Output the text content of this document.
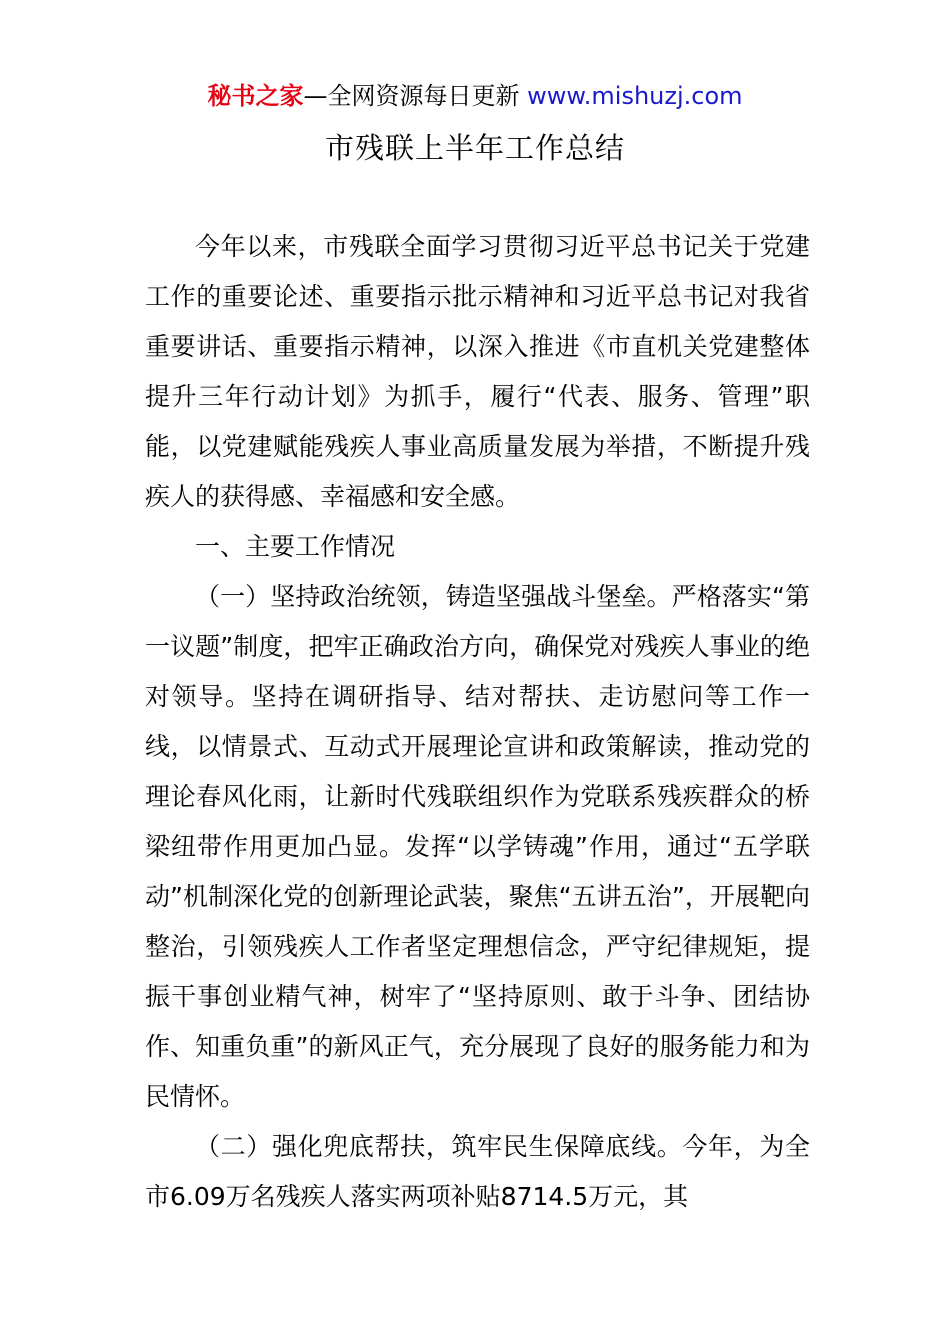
秘书之家—全网资源每日更新 www.mishuzj.com
市残联上半年工作总结

今年以来，市残联全面学习贯彻习近平总书记关于党建工作的重要论述、重要指示批示精神和习近平总书记对我省重要讲话、重要指示精神，以深入推进《市直机关党建整体提升三年行动计划》为抓手，履行“代表、服务、管理”职能，以党建赋能残疾人事业高质量发展为举措，不断提升残疾人的获得感、幸福感和安全感。

一、主要工作情况

（一）坚持政治统领，铸造坚强战斗堡垒。严格落实“第一议题”制度，把牢正确政治方向，确保党对残疾人事业的绝对领导。坚持在调研指导、结对帮扶、走访慰问等工作一线，以情景式、互动式开展理论宣讲和政策解读，推动党的理论春风化雨，让新时代残联组织作为党联系残疾群众的桥梁纽带作用更加凸显。发挥“以学铸魂”作用，通过“五学联动”机制深化党的创新理论武装，聚焦“五讲五治”，开展靶向整治，引领残疾人工作者坚定理想信念，严守纪律规矩，提振干事创业精气神，树牢了“坚持原则、敢于斗争、团结协作、知重负重”的新风正气，充分展现了良好的服务能力和为民情怀。

（二）强化兜底帮扶，筑牢民生保障底线。今年，为全市6.09万名残疾人落实两项补贴8714.5万元，其
